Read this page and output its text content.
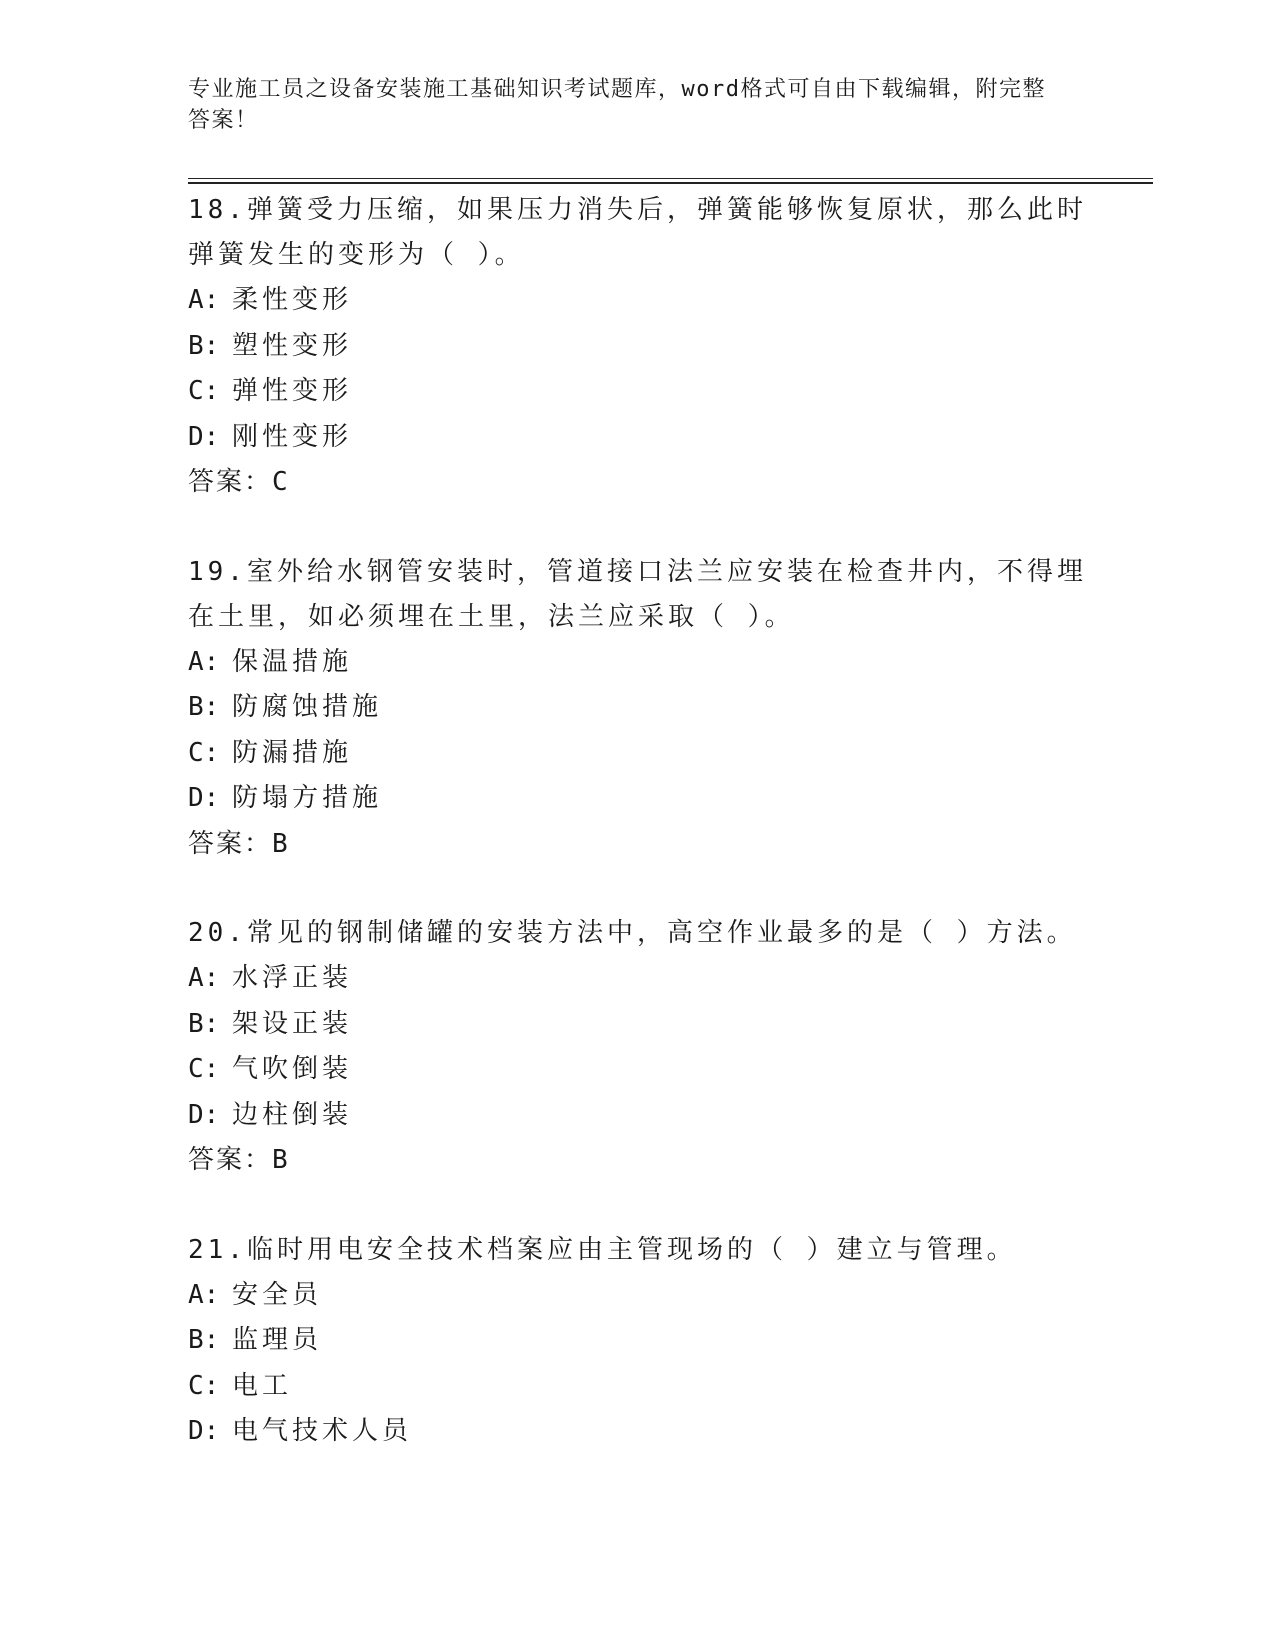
专业施工员之设备安装施工基础知识考试题库，word格式可自由下载编辑，附完整答案！
18.弹簧受力压缩，如果压力消失后，弹簧能够恢复原状，那么此时弹簧发生的变形为（ ）。
A: 柔性变形
B: 塑性变形
C: 弹性变形
D: 刚性变形
答案：C
19.室外给水钢管安装时，管道接口法兰应安装在检查井内，不得埋在土里，如必须埋在土里，法兰应采取（ ）。
A: 保温措施
B: 防腐蚀措施
C: 防漏措施
D: 防塌方措施
答案：B
20.常见的钢制储罐的安装方法中，高空作业最多的是（ ）方法。
A: 水浮正装
B: 架设正装
C: 气吹倒装
D: 边柱倒装
答案：B
21.临时用电安全技术档案应由主管现场的（ ）建立与管理。
A: 安全员
B: 监理员
C: 电工
D: 电气技术人员
